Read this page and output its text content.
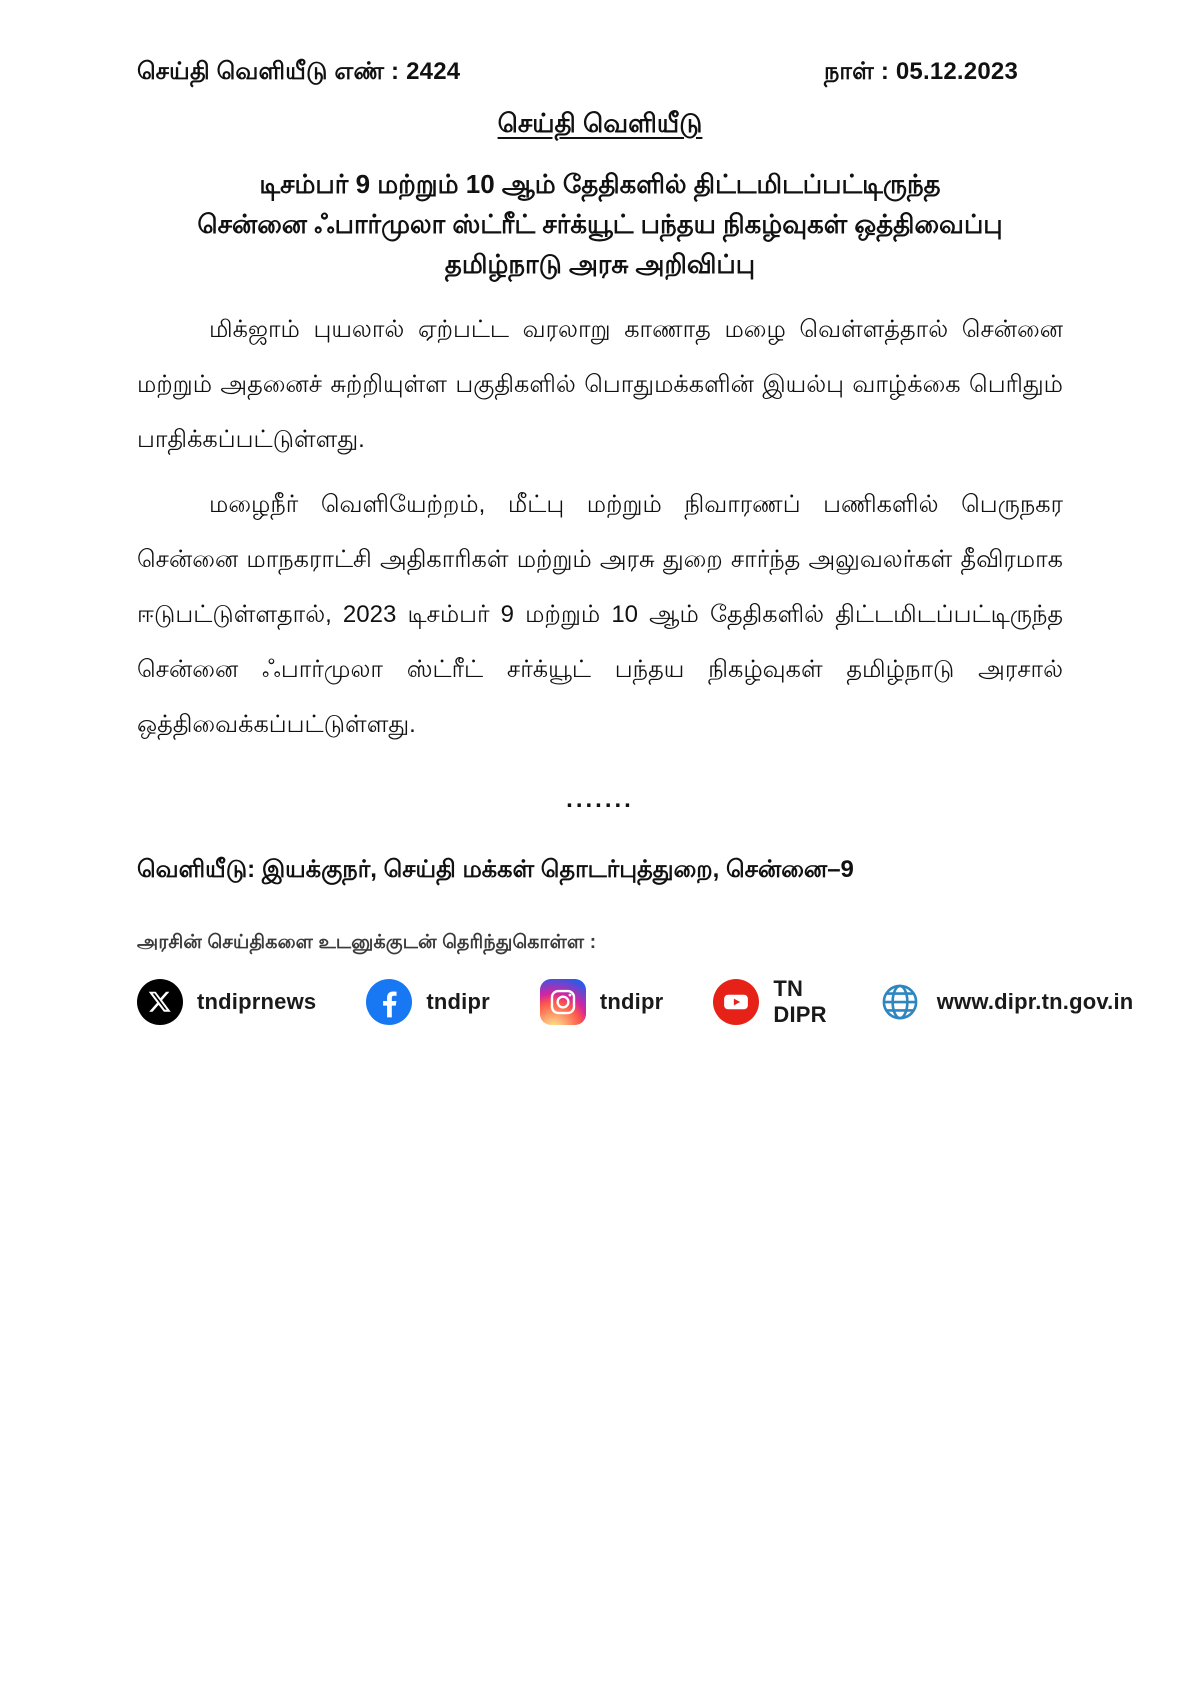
செய்தி வெளியீடு எண் : 2424	நாள் : 05.12.2023
செய்தி வெளியீடு
டிசம்பர் 9 மற்றும் 10 ஆம் தேதிகளில் திட்டமிடப்பட்டிருந்த
சென்னை ஃபார்முலா ஸ்ட்ரீட் சர்க்யூட் பந்தய நிகழ்வுகள் ஒத்திவைப்பு
தமிழ்நாடு அரசு அறிவிப்பு

மிக்ஜாம் புயலால் ஏற்பட்ட வரலாறு காணாத மழை வெள்ளத்தால் சென்னை மற்றும் அதனைச் சுற்றியுள்ள பகுதிகளில் பொதுமக்களின் இயல்பு வாழ்க்கை பெரிதும் பாதிக்கப்பட்டுள்ளது.

மழைநீர் வெளியேற்றம், மீட்பு மற்றும் நிவாரணப் பணிகளில் பெருநகர சென்னை மாநகராட்சி அதிகாரிகள் மற்றும் அரசு துறை சார்ந்த அலுவலர்கள் தீவிரமாக ஈடுபட்டுள்ளதால், 2023 டிசம்பர் 9 மற்றும் 10 ஆம் தேதிகளில் திட்டமிடப்பட்டிருந்த சென்னை ஃபார்முலா ஸ்ட்ரீட் சர்க்யூட் பந்தய நிகழ்வுகள் தமிழ்நாடு அரசால் ஒத்திவைக்கப்பட்டுள்ளது.

.......
வெளியீடு: இயக்குநர், செய்தி மக்கள் தொடர்புத்துறை, சென்னை–9
அரசின் செய்திகளை உடனுக்குடன் தெரிந்துகொள்ள :
tndiprnews	tndipr	tndipr
TN DIPR
www.dipr.tn.gov.in
